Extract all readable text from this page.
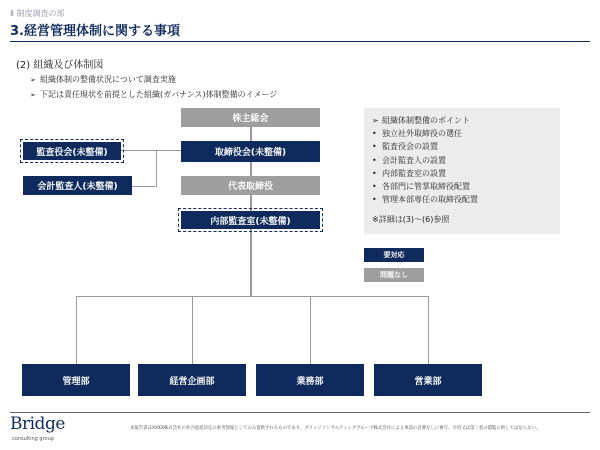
Ⅱ 制度調査の部
3.経営管理体制に関する事項
(2) 組織及び体制図
➢ 組織体制の整備状況について調査実施
➢ 下記は責任現状を前提とした組織(ガバナンス)体制整備のイメージ
株主総会
取締役会(未整備)
監査役会(未整備)
会計監査人(未整備)	代表取締役
内部監査室(未整備)
管理部	経営企画部	業務部	営業部
➢ 組織体制整備のポイント
• 独立社外取締役の選任
• 監査役会の設置
• 会計監査人の設置
• 内部監査室の設置
• 各部門に管掌取締役配置
• 管理本部専任の取締役配置
※詳細は(3)～(6)参照
要対応
問題なし
Bridge
consulting group
本報告書はXXXX株式会社の社内意思決定の参考情報としてのみ提供されるものであり、ブリッジコンサルティンググループ株式会社による事前の自署なしに複写、引用又は第三者の閲覧に供してはならない。
